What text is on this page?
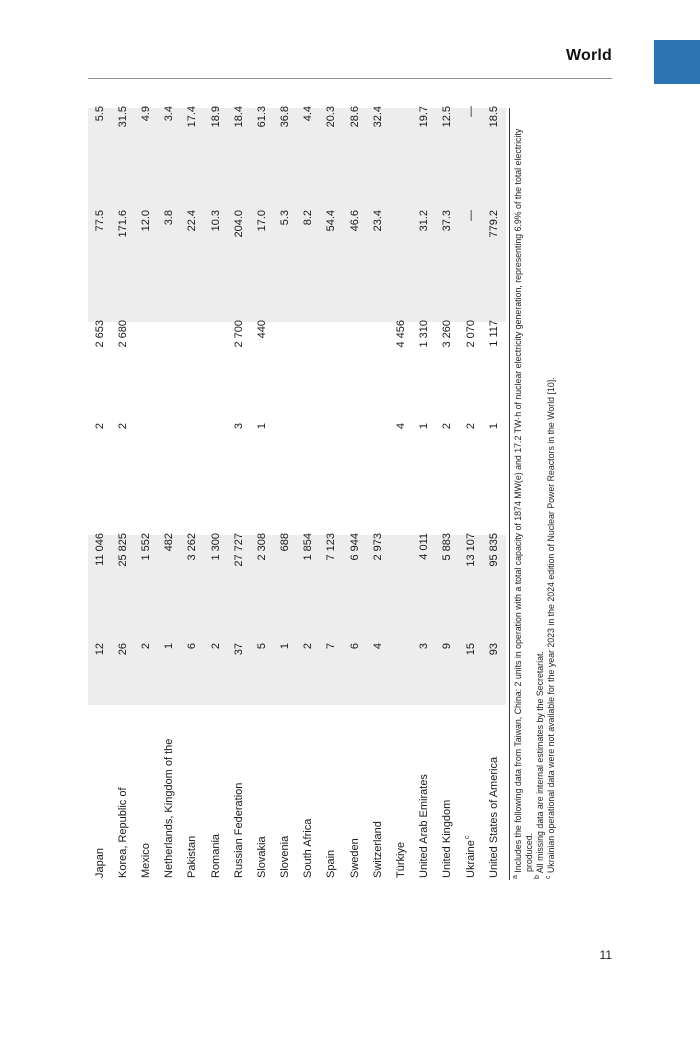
World
Japan
12
11 046
2
2 653
77.5
5.5
Korea, Republic of
26
25 825
2
2 680
171.6
31.5
Mexico
2
1 552
12.0
4.9
Netherlands, Kingdom of the
1
482
3.8
3.4
Pakistan
6
3 262
22.4
17.4
Romania
2
1 300
10.3
18.9
Russian Federation
37
27 727
3
2 700
204.0
18.4
Slovakia
5
2 308
1
440
17.0
61.3
Slovenia
1
688
5.3
36.8
South Africa
2
1 854
8.2
4.4
Spain
7
7 123
54.4
20.3
Sweden
6
6 944
46.6
28.6
Switzerland
4
2 973
23.4
32.4
Türkiye
4
4 456
United Arab Emirates
3
4 011
1
1 310
31.2
19.7
United Kingdom
9
5 883
2
3 260
37.3
12.5
Ukraine$^c$
15
13 107
2
2 070
—
—
United States of America
93
95 835
1
1 117
779.2
18.5
$^a$ Includes the following data from Taiwan, China: 2 units in operation with a total capacity of 1874 MW(e) and 17.2 TW·h of nuclear electricity generation, representing 6.9% of the total electricity produced.
$^b$ All missing data are internal estimates by the Secretariat.
$^c$ Ukrainian operational data were not available for the year 2023 in the 2024 edition of Nuclear Power Reactors in the World [10].
11
